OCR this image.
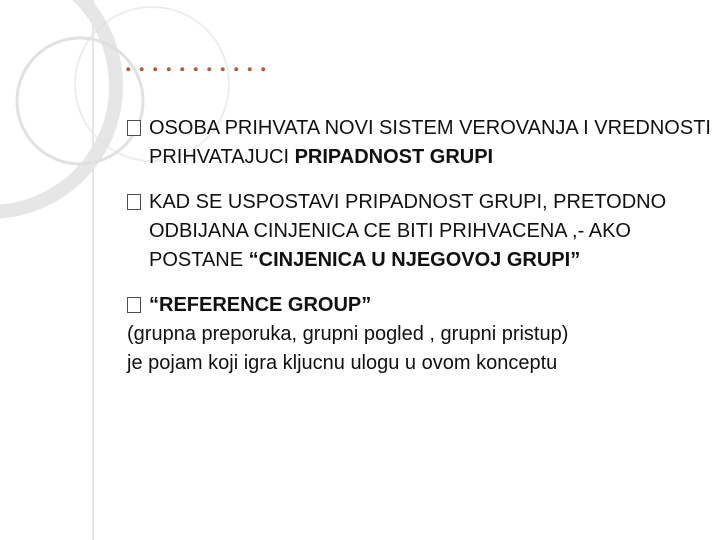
...........
OSOBA PRIHVATA NOVI SISTEM VEROVANJA I VREDNOSTI PRIHVATAJUCI PRIPADNOST GRUPI
KAD SE USPOSTAVI PRIPADNOST GRUPI, PRETODNO ODBIJANA CINJENICA CE BITI PRIHVACENA ,- AKO POSTANE “CINJENICA U NJEGOVOJ GRUPI”
“REFERENCE GROUP”
(grupna preporuka, grupni pogled , grupni pristup)
je pojam koji igra kljucnu ulogu u ovom konceptu
